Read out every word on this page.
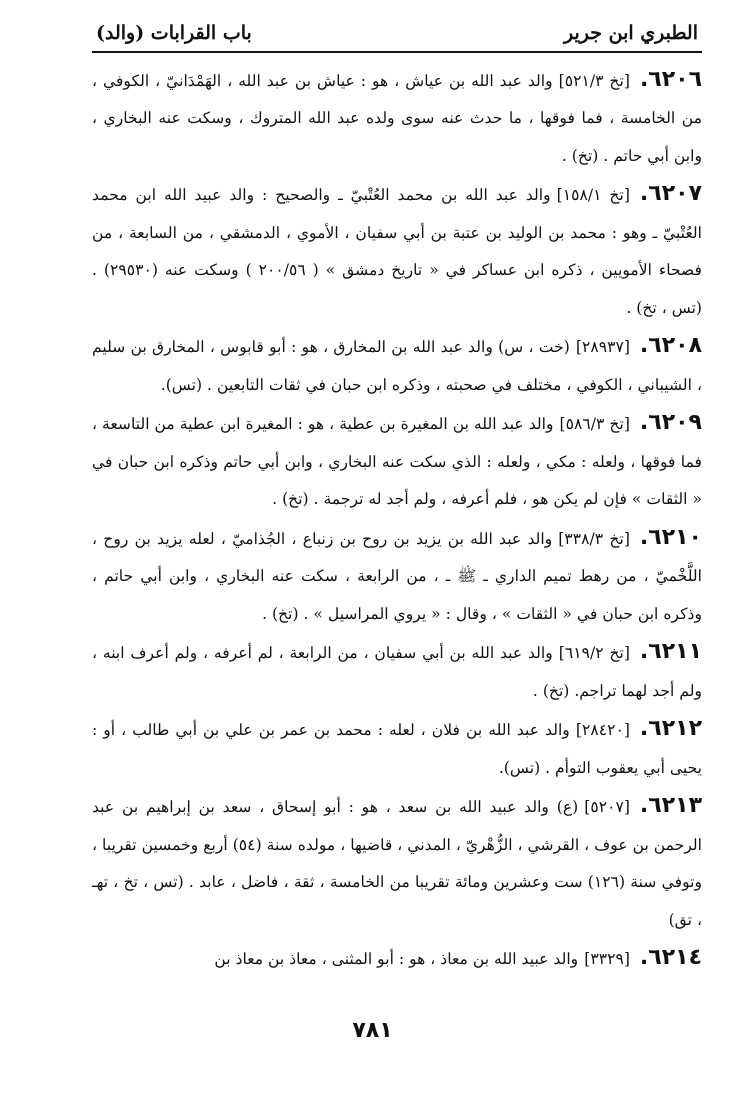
الطبري ابن جرير
باب القرابات (والد)

٦٢٠٦.[تخ ٥٢١/٣]والد عبد الله بن عياش ، هو : عياش بن عبد الله ، الهَمْدَانيّ ، الكوفي ، من الخامسة ، فما فوقها ، ما حدث عنه سوى ولده عبد الله المتروك ، وسكت عنه البخاري ، وابن أبي حاتم . (تخ) .

٦٢٠٧.[تخ ١٥٨/١]والد عبد الله بن محمد العُتْبيّ ـ والصحيح : والد عبيد الله ابن محمد العُتْبيّ ـ وهو : محمد بن الوليد بن عتبة بن أبي سفيان ، الأموي ، الدمشقي ، من السابعة ، من فصحاء الأمويين ، ذكره ابن عساكر في « تاريخ دمشق » ( ٢٠٠/٥٦ ) وسكت عنه (٢٩٥٣٠) . (تس ، تخ) .

٦٢٠٨.[٢٨٩٣٧](خت ، س) والد عبد الله بن المخارق ، هو : أبو قابوس ، المخارق بن سليم ، الشيباني ، الكوفي ، مختلف في صحبته ، وذكره ابن حبان في ثقات التابعين . (تس).

٦٢٠٩.[تخ ٥٨٦/٣]والد عبد الله بن المغيرة بن عطية ، هو : المغيرة ابن عطية من التاسعة ، فما فوقها ، ولعله : مكي ، ولعله : الذي سكت عنه البخاري ، وابن أبي حاتم وذكره ابن حبان في « الثقات » فإن لم يكن هو ، فلم أعرفه ، ولم أجد له ترجمة . (تخ) .

٦٢١٠.[تخ ٣٣٨/٣]والد عبد الله بن يزيد بن روح بن زنباع ، الجُذاميّ ، لعله يزيد بن روح ، اللَّخْميّ ، من رهط تميم الداري ـ ﷺ ـ ، من الرابعة ، سكت عنه البخاري ، وابن أبي حاتم ، وذكره ابن حبان في « الثقات » ، وقال : « يروي المراسيل » . (تخ) .

٦٢١١.[تخ ٦١٩/٢]والد عبد الله بن أبي سفيان ، من الرابعة ، لم أعرفه ، ولم أعرف ابنه ، ولم أجد لهما تراجم. (تخ) .

٦٢١٢.[٢٨٤٢٠]والد عبد الله بن فلان ، لعله : محمد بن عمر بن علي بن أبي طالب ، أو : يحيى أبي يعقوب التوأم . (تس).

٦٢١٣.[٥٢٠٧](ع) والد عبيد الله بن سعد ، هو : أبو إسحاق ، سعد بن إبراهيم بن عبد الرحمن بن عوف ، القرشي ، الزُّهْريّ ، المدني ، قاضيها ، مولده سنة (٥٤) أربع وخمسين تقريبا ، وتوفي سنة (١٢٦) ست وعشرين ومائة تقريبا من الخامسة ، ثقة ، فاضل ، عابد . (تس ، تخ ، تهـ ، تق)

٦٢١٤.[٣٣٢٩]والد عبيد الله بن معاذ ، هو : أبو المثنى ، معاذ بن معاذ بن

٧٨١
